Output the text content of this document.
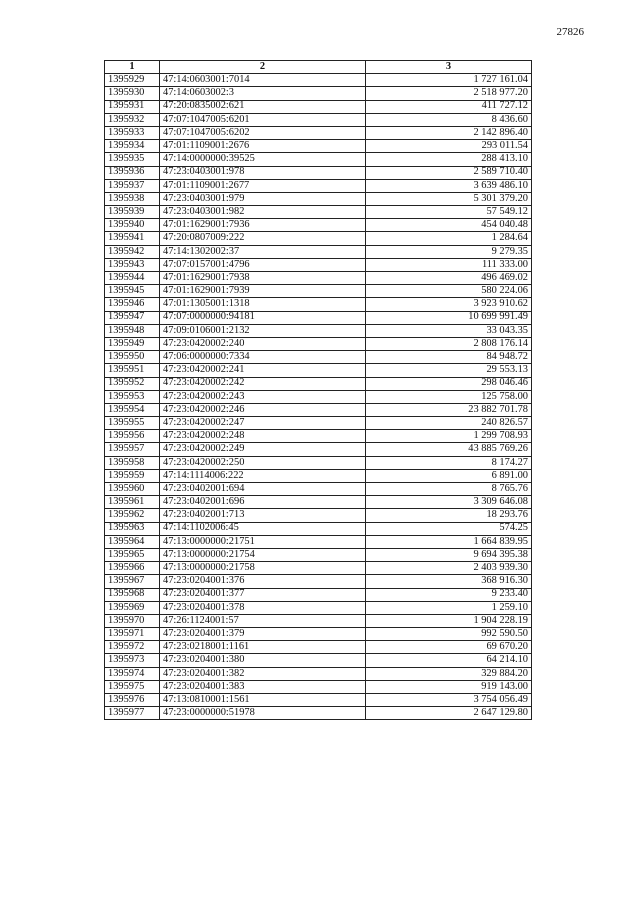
27826
1	2	3
1395929	47:14:0603001:7014	1 727 161.04
1395930	47:14:0603002:3	2 518 977.20
1395931	47:20:0835002:621	411 727.12
1395932	47:07:1047005:6201	8 436.60
1395933	47:07:1047005:6202	2 142 896.40
1395934	47:01:1109001:2676	293 011.54
1395935	47:14:0000000:39525	288 413.10
1395936	47:23:0403001:978	2 589 710.40
1395937	47:01:1109001:2677	3 639 486.10
1395938	47:23:0403001:979	5 301 379.20
1395939	47:23:0403001:982	57 549.12
1395940	47:01:1629001:7936	454 040.48
1395941	47:20:0807009:222	1 284.64
1395942	47:14:1302002:37	9 279.35
1395943	47:07:0157001:4796	111 333.00
1395944	47:01:1629001:7938	496 469.02
1395945	47:01:1629001:7939	580 224.06
1395946	47:01:1305001:1318	3 923 910.62
1395947	47:07:0000000:94181	10 699 991.49
1395948	47:09:0106001:2132	33 043.35
1395949	47:23:0420002:240	2 808 176.14
1395950	47:06:0000000:7334	84 948.72
1395951	47:23:0420002:241	29 553.13
1395952	47:23:0420002:242	298 046.46
1395953	47:23:0420002:243	125 758.00
1395954	47:23:0420002:246	23 882 701.78
1395955	47:23:0420002:247	240 826.57
1395956	47:23:0420002:248	1 299 708.93
1395957	47:23:0420002:249	43 885 769.26
1395958	47:23:0420002:250	8 174.27
1395959	47:14:1114006:222	6 891.00
1395960	47:23:0402001:694	8 765.76
1395961	47:23:0402001:696	3 309 646.08
1395962	47:23:0402001:713	18 293.76
1395963	47:14:1102006:45	574.25
1395964	47:13:0000000:21751	1 664 839.95
1395965	47:13:0000000:21754	9 694 395.38
1395966	47:13:0000000:21758	2 403 939.30
1395967	47:23:0204001:376	368 916.30
1395968	47:23:0204001:377	9 233.40
1395969	47:23:0204001:378	1 259.10
1395970	47:26:1124001:57	1 904 228.19
1395971	47:23:0204001:379	992 590.50
1395972	47:23:0218001:1161	69 670.20
1395973	47:23:0204001:380	64 214.10
1395974	47:23:0204001:382	329 884.20
1395975	47:23:0204001:383	919 143.00
1395976	47:13:0810001:1561	3 754 056.49
1395977	47:23:0000000:51978	2 647 129.80
